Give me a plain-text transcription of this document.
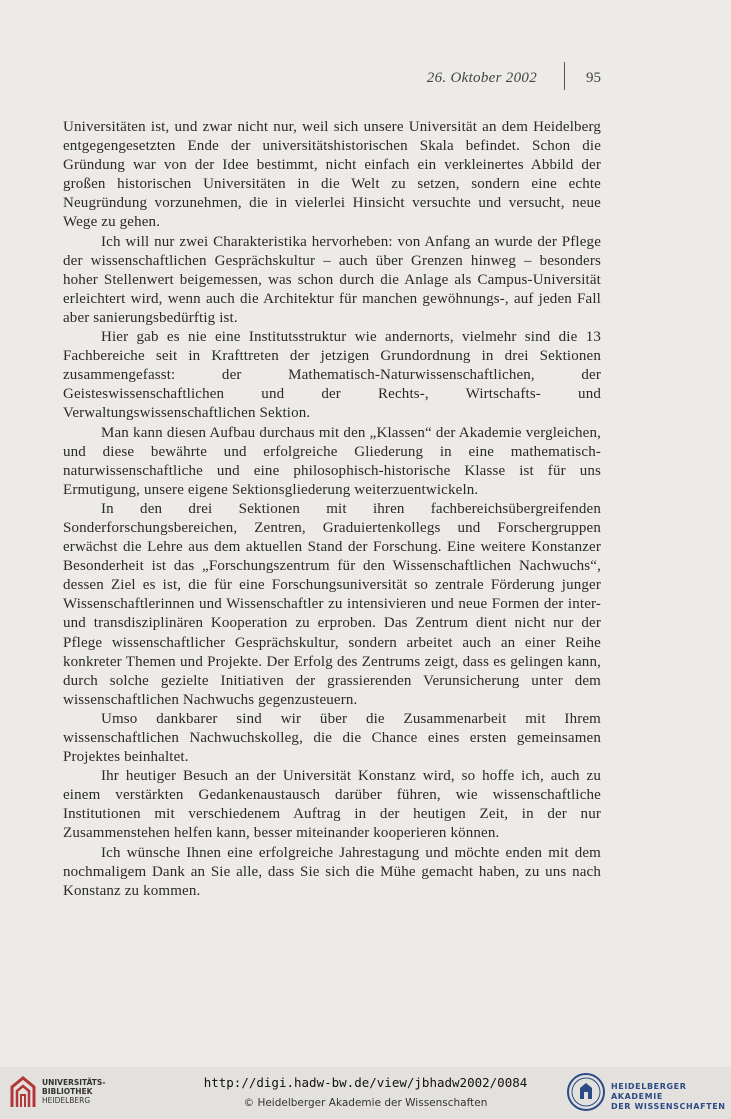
26. Oktober 2002	95

Universitäten ist, und zwar nicht nur, weil sich unsere Universität an dem Heidelberg entgegengesetzten Ende der universitätshistorischen Skala befindet. Schon die Gründung war von der Idee bestimmt, nicht einfach ein verkleinertes Abbild der großen historischen Universitäten in die Welt zu setzen, sondern eine echte Neugründung vorzunehmen, die in vielerlei Hinsicht versuchte und versucht, neue Wege zu gehen.

Ich will nur zwei Charakteristika hervorheben: von Anfang an wurde der Pflege der wissenschaftlichen Gesprächskultur – auch über Grenzen hinweg – besonders hoher Stellenwert beigemessen, was schon durch die Anlage als Campus-Universität erleichtert wird, wenn auch die Architektur für manchen gewöhnungs-, auf jeden Fall aber sanierungsbedürftig ist.

Hier gab es nie eine Institutsstruktur wie andernorts, vielmehr sind die 13 Fachbereiche seit in Krafttreten der jetzigen Grundordnung in drei Sektionen zusammengefasst: der Mathematisch-Naturwissenschaftlichen, der Geisteswissenschaftlichen und der Rechts-, Wirtschafts- und Verwaltungswissenschaftlichen Sektion.

Man kann diesen Aufbau durchaus mit den „Klassen“ der Akademie vergleichen, und diese bewährte und erfolgreiche Gliederung in eine mathematisch-naturwissenschaftliche und eine philosophisch-historische Klasse ist für uns Ermutigung, unsere eigene Sektionsgliederung weiterzuentwickeln.

In den drei Sektionen mit ihren fachbereichsübergreifenden Sonderforschungsbereichen, Zentren, Graduiertenkollegs und Forschergruppen erwächst die Lehre aus dem aktuellen Stand der Forschung. Eine weitere Konstanzer Besonderheit ist das „Forschungszentrum für den Wissenschaftlichen Nachwuchs“, dessen Ziel es ist, die für eine Forschungsuniversität so zentrale Förderung junger Wissenschaftlerinnen und Wissenschaftler zu intensivieren und neue Formen der inter- und transdisziplinären Kooperation zu erproben. Das Zentrum dient nicht nur der Pflege wissenschaftlicher Gesprächskultur, sondern arbeitet auch an einer Reihe konkreter Themen und Projekte. Der Erfolg des Zentrums zeigt, dass es gelingen kann, durch solche gezielte Initiativen der grassierenden Verunsicherung unter dem wissenschaftlichen Nachwuchs gegenzusteuern.

Umso dankbarer sind wir über die Zusammenarbeit mit Ihrem wissenschaftlichen Nachwuchskolleg, die die Chance eines ersten gemeinsamen Projektes beinhaltet.

Ihr heutiger Besuch an der Universität Konstanz wird, so hoffe ich, auch zu einem verstärkten Gedankenaustausch darüber führen, wie wissenschaftliche Institutionen mit verschiedenem Auftrag in der heutigen Zeit, in der nur Zusammenstehen helfen kann, besser miteinander kooperieren können.

Ich wünsche Ihnen eine erfolgreiche Jahrestagung und möchte enden mit dem nochmaligem Dank an Sie alle, dass Sie sich die Mühe gemacht haben, zu uns nach Konstanz zu kommen.

UNIVERSITÄTS-
BIBLIOTHEK
HEIDELBERG
http://digi.hadw-bw.de/view/jbhadw2002/0084
© Heidelberger Akademie der Wissenschaften
HEIDELBERGER AKADEMIE
DER WISSENSCHAFTEN
